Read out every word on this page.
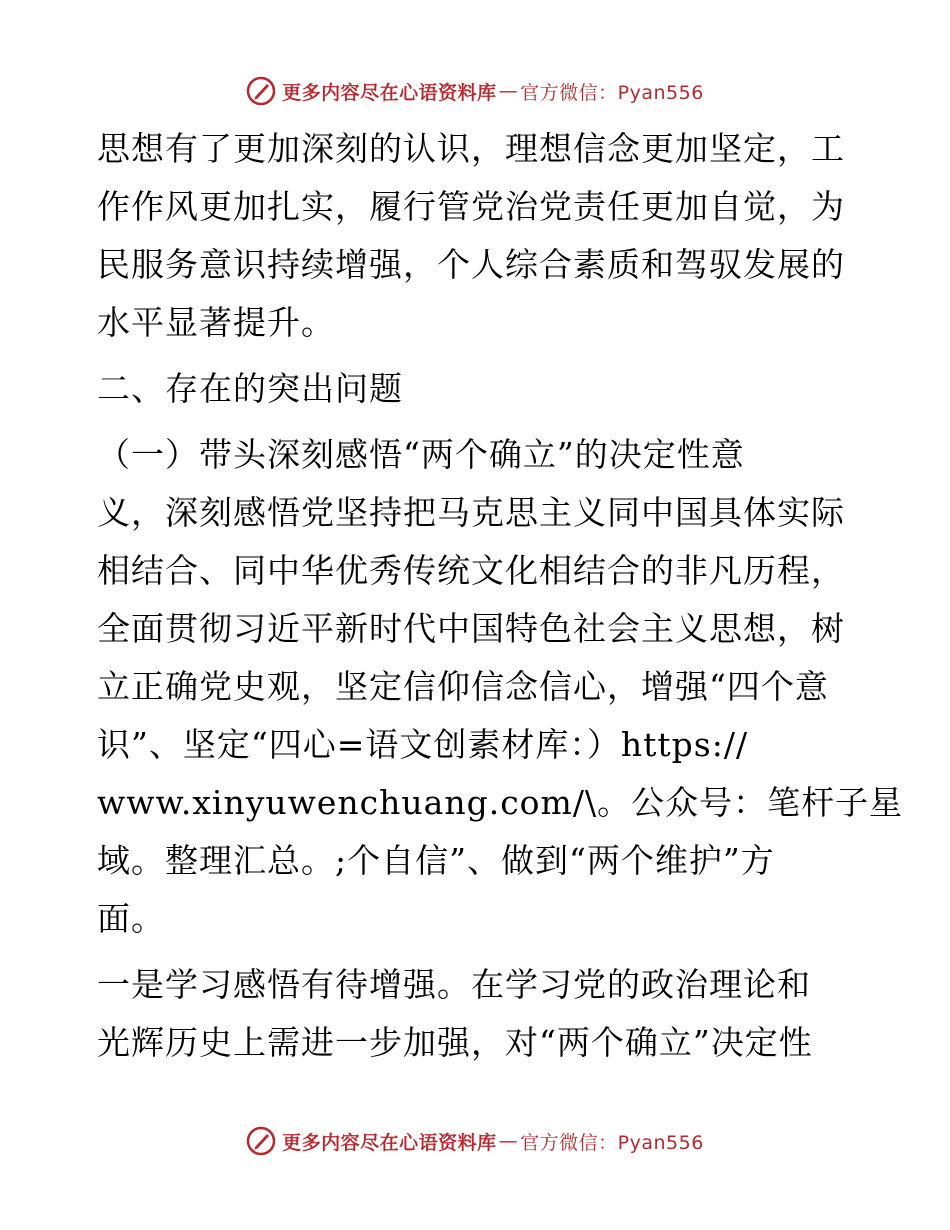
更多内容尽在心语资料库 — 官方微信：Pyan556
思想有了更加深刻的认识，理想信念更加坚定，工
作作风更加扎实，履行管党治党责任更加自觉，为
民服务意识持续增强，个人综合素质和驾驭发展的
水平显著提升。
二、存在的突出问题
（一）带头深刻感悟“两个确立”的决定性意
义，深刻感悟党坚持把马克思主义同中国具体实际
相结合、同中华优秀传统文化相结合的非凡历程，
全面贯彻习近平新时代中国特色社会主义思想，树
立正确党史观，坚定信仰信念信心，增强“四个意
识”、坚定“四心=语文创素材库：）https://
www.xinyuwenchuang.com/\。公众号：笔杆子星
域。整理汇总。;个自信”、做到“两个维护”方
面。
一是学习感悟有待增强。在学习党的政治理论和
光辉历史上需进一步加强，对“两个确立”决定性
更多内容尽在心语资料库 — 官方微信：Pyan556
